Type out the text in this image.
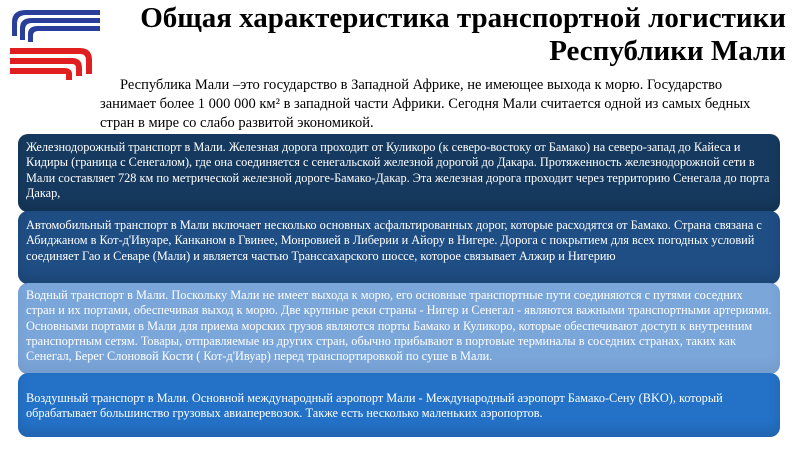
Общая характеристика транспортной логистики Республики Мали
Республика Мали –это государство в Западной Африке, не имеющее выхода к морю. Государство занимает более 1 000 000 км² в западной части Африки. Сегодня Мали считается одной из самых бедных стран в мире со слабо развитой экономикой.
Железнодорожный транспорт в Мали. Железная дорога проходит от Куликоро (к северо-востоку от Бамако) на северо-запад до Кайеса и Кидиры (граница с Сенегалом), где она соединяется с сенегальской железной дорогой до Дакара. Протяженность железнодорожной сети в Мали составляет 728 км по метрической железной дороге-Бамако-Дакар. Эта железная дорога проходит через территорию Сенегала до порта Дакар,
Автомобильный транспорт в Мали включает несколько основных асфальтированных дорог, которые расходятся от Бамако. Страна связана с Абиджаном в Кот-д'Ивуаре, Канканом в Гвинее, Монровией в Либерии и Айору в Нигере. Дорога с покрытием для всех погодных условий соединяет Гао и Севаре (Мали) и является частью Транссахарского шоссе, которое связывает Алжир и Нигерию
Водный транспорт в Мали. Поскольку Мали не имеет выхода к морю, его основные транспортные пути соединяются с путями соседних стран и их портами, обеспечивая выход к морю. Две крупные реки страны - Нигер и Сенегал - являются важными транспортными артериями. Основными портами в Мали для приема морских грузов являются порты Бамако и Куликоро, которые обеспечивают доступ к внутренним транспортным сетям. Товары, отправляемые из других стран, обычно прибывают в портовые терминалы в соседних странах, таких как Сенегал, Берег Слоновой Кости ( Кот-д'Ивуар) перед транспортировкой по суше в Мали.
Воздушный транспорт в Мали. Основной международный аэропорт Мали - Международный аэропорт Бамако-Сену (BKO), который обрабатывает большинство грузовых авиаперевозок. Также есть несколько маленьких аэропортов.
